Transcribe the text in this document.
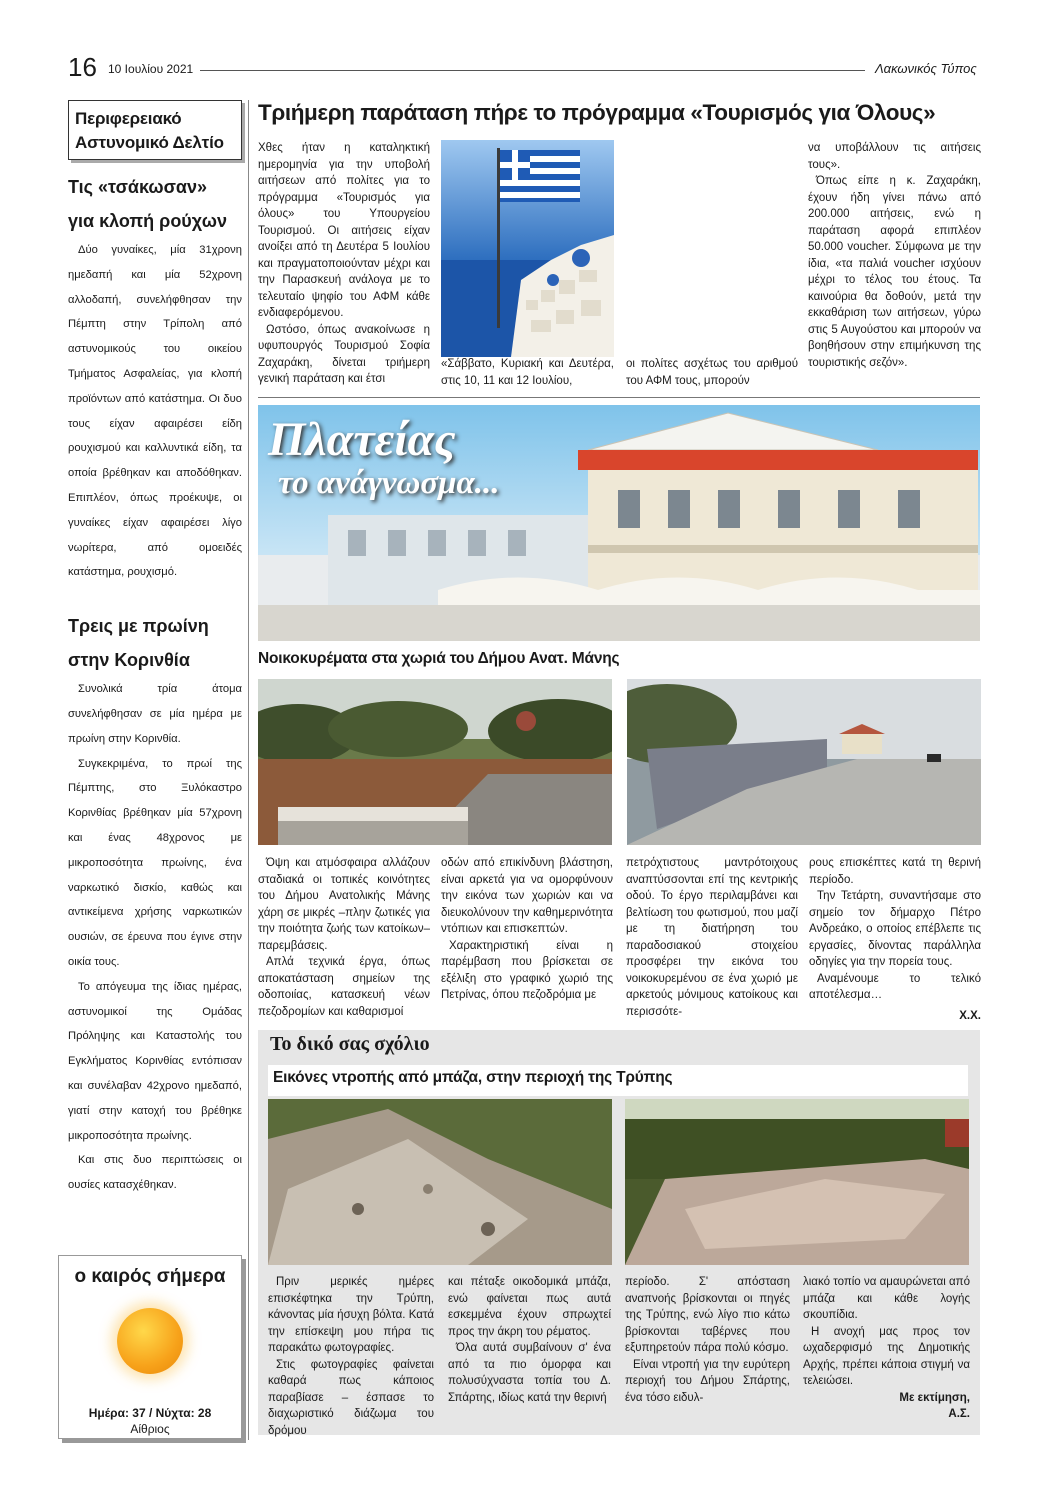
16 10 Ιουλίου 2021	Λακωνικός Τύπος
Περιφερειακό
Αστυνομικό Δελτίο
Τις «τσάκωσαν»
για κλοπή ρούχων

Δύο γυναίκες, μία 31χρονη ημεδαπή και μία 52χρονη αλλοδαπή, συνελήφθησαν την Πέμπτη στην Τρίπολη από αστυνομικούς του οικείου Τμήματος Ασφαλείας, για κλοπή προϊόντων από κατάστημα. Οι δυο τους είχαν αφαιρέσει είδη ρουχισμού και καλλυντικά είδη, τα οποία βρέθηκαν και αποδόθηκαν. Επιπλέον, όπως προέκυψε, οι γυναίκες είχαν αφαιρέσει λίγο νωρίτερα, από ομοειδές κατάστημα, ρουχισμό.

Τρεις με πρωίνη
στην Κορινθία

Συνολικά τρία άτομα συνελήφθησαν σε μία ημέρα με πρωίνη στην Κορινθία.

Συγκεκριμένα, το πρωί της Πέμπτης, στο Ξυλόκαστρο Κορινθίας βρέθηκαν μία 57χρονη και ένας 48χρονος με μικροποσότητα πρωίνης, ένα ναρκωτικό δισκίο, καθώς και αντικείμενα χρήσης ναρκωτικών ουσιών, σε έρευνα που έγινε στην οικία τους.

Το απόγευμα της ίδιας ημέρας, αστυνομικοί της Ομάδας Πρόληψης και Καταστολής του Εγκλήματος Κορινθίας εντόπισαν και συνέλαβαν 42χρονο ημεδαπό, γιατί στην κατοχή του βρέθηκε μικροποσότητα πρωίνης.

Και στις δυο περιπτώσεις οι ουσίες κατασχέθηκαν.

ο καιρός σήμερα
Ημέρα: 37 / Νύχτα: 28
Αίθριος
Τριήμερη παράταση πήρε το πρόγραμμα «Τουρισμός για Όλους»

Χθες ήταν η καταληκτική ημερομηνία για την υποβολή αιτήσεων από πολίτες για το πρόγραμμα «Τουρισμός για όλους» του Υπουργείου Τουρισμού. Οι αιτήσεις είχαν ανοίξει από τη Δευτέρα 5 Ιουλίου και πραγματοποιούνταν μέχρι και την Παρασκευή ανάλογα με το τελευταίο ψηφίο του ΑΦΜ κάθε ενδιαφερόμενου.

Ωστόσο, όπως ανακοίνωσε η υφυπουργός Τουρισμού Σοφία Ζαχαράκη, δίνεται τριήμερη γενική παράταση και έτσι

«Σάββατο, Κυριακή και Δευτέρα, στις 10, 11 και 12 Ιουλίου,
οι πολίτες ασχέτως του αριθμού του ΑΦΜ τους, μπορούν

να υποβάλλουν τις αιτήσεις τους».

Όπως είπε η κ. Ζαχαράκη, έχουν ήδη γίνει πάνω από 200.000 αιτήσεις, ενώ η παράταση αφορά επιπλέον 50.000 voucher. Σύμφωνα με την ίδια, «τα παλιά voucher ισχύουν μέχρι το τέλος του έτους. Τα καινούρια θα δοθούν, μετά την εκκαθάριση των αιτήσεων, γύρω στις 5 Αυγούστου και μπορούν να βοηθήσουν στην επιμήκυνση της τουριστικής σεζόν».

Πλατείας
το ανάγνωσμα...
Νοικοκυρέματα στα χωριά του Δήμου Ανατ. Μάνης

Όψη και ατμόσφαιρα αλλάζουν σταδιακά οι τοπικές κοινότητες του Δήμου Ανατολικής Μάνης χάρη σε μικρές –πλην ζωτικές για την ποιότητα ζωής των κατοίκων– παρεμβάσεις.

Απλά τεχνικά έργα, όπως αποκατάσταση σημείων της οδοποιίας, κατασκευή νέων πεζοδρομίων και καθαρισμοί

οδών από επικίνδυνη βλάστηση, είναι αρκετά για να ομορφύνουν την εικόνα των χωριών και να διευκολύνουν την καθημερινότητα ντόπιων και επισκεπτών.

Χαρακτηριστική είναι η παρέμβαση που βρίσκεται σε εξέλιξη στο γραφικό χωριό της Πετρίνας, όπου πεζοδρόμια με

πετρόχτιστους μαντρότοιχους αναπτύσσονται επί της κεντρικής οδού. Το έργο περιλαμβάνει και βελτίωση του φωτισμού, που μαζί με τη διατήρηση του παραδοσιακού στοιχείου προσφέρει την εικόνα του νοικοκυρεμένου σε ένα χωριό με αρκετούς μόνιμους κατοίκους και περισσότε-

ρους επισκέπτες κατά τη θερινή περίοδο.

Την Τετάρτη, συναντήσαμε στο σημείο τον δήμαρχο Πέτρο Ανδρεάκο, ο οποίος επέβλεπε τις εργασίες, δίνοντας παράλληλα οδηγίες για την πορεία τους.

Αναμένουμε το τελικό αποτέλεσμα…

Χ.Χ.

Το δικό σας σχόλιο
Εικόνες ντροπής από μπάζα, στην περιοχή της Τρύπης

Πριν μερικές ημέρες επισκέφτηκα την Τρύπη, κάνοντας μία ήσυχη βόλτα. Κατά την επίσκεψη μου πήρα τις παρακάτω φωτογραφίες.

Στις φωτογραφίες φαίνεται καθαρά πως κάποιος παραβίασε – έσπασε το διαχωριστικό διάζωμα του δρόμου

και πέταξε οικοδομικά μπάζα, ενώ φαίνεται πως αυτά εσκεμμένα έχουν σπρωχτεί προς την άκρη του ρέματος.

Όλα αυτά συμβαίνουν σ' ένα από τα πιο όμορφα και πολυσύχναστα τοπία του Δ. Σπάρτης, ιδίως κατά την θερινή

περίοδο. Σ' απόσταση αναπνοής βρίσκονται οι πηγές της Τρύπης, ενώ λίγο πιο κάτω βρίσκονται ταβέρνες που εξυπηρετούν πάρα πολύ κόσμο.

Είναι ντροπή για την ευρύτερη περιοχή του Δήμου Σπάρτης, ένα τόσο ειδυλ-

λιακό τοπίο να αμαυρώνεται από μπάζα και κάθε λογής σκουπίδια.

Η ανοχή μας προς τον ωχαδερφισμό της Δημοτικής Αρχής, πρέπει κάποια στιγμή να τελειώσει.

Με εκτίμηση,

Α.Σ.
